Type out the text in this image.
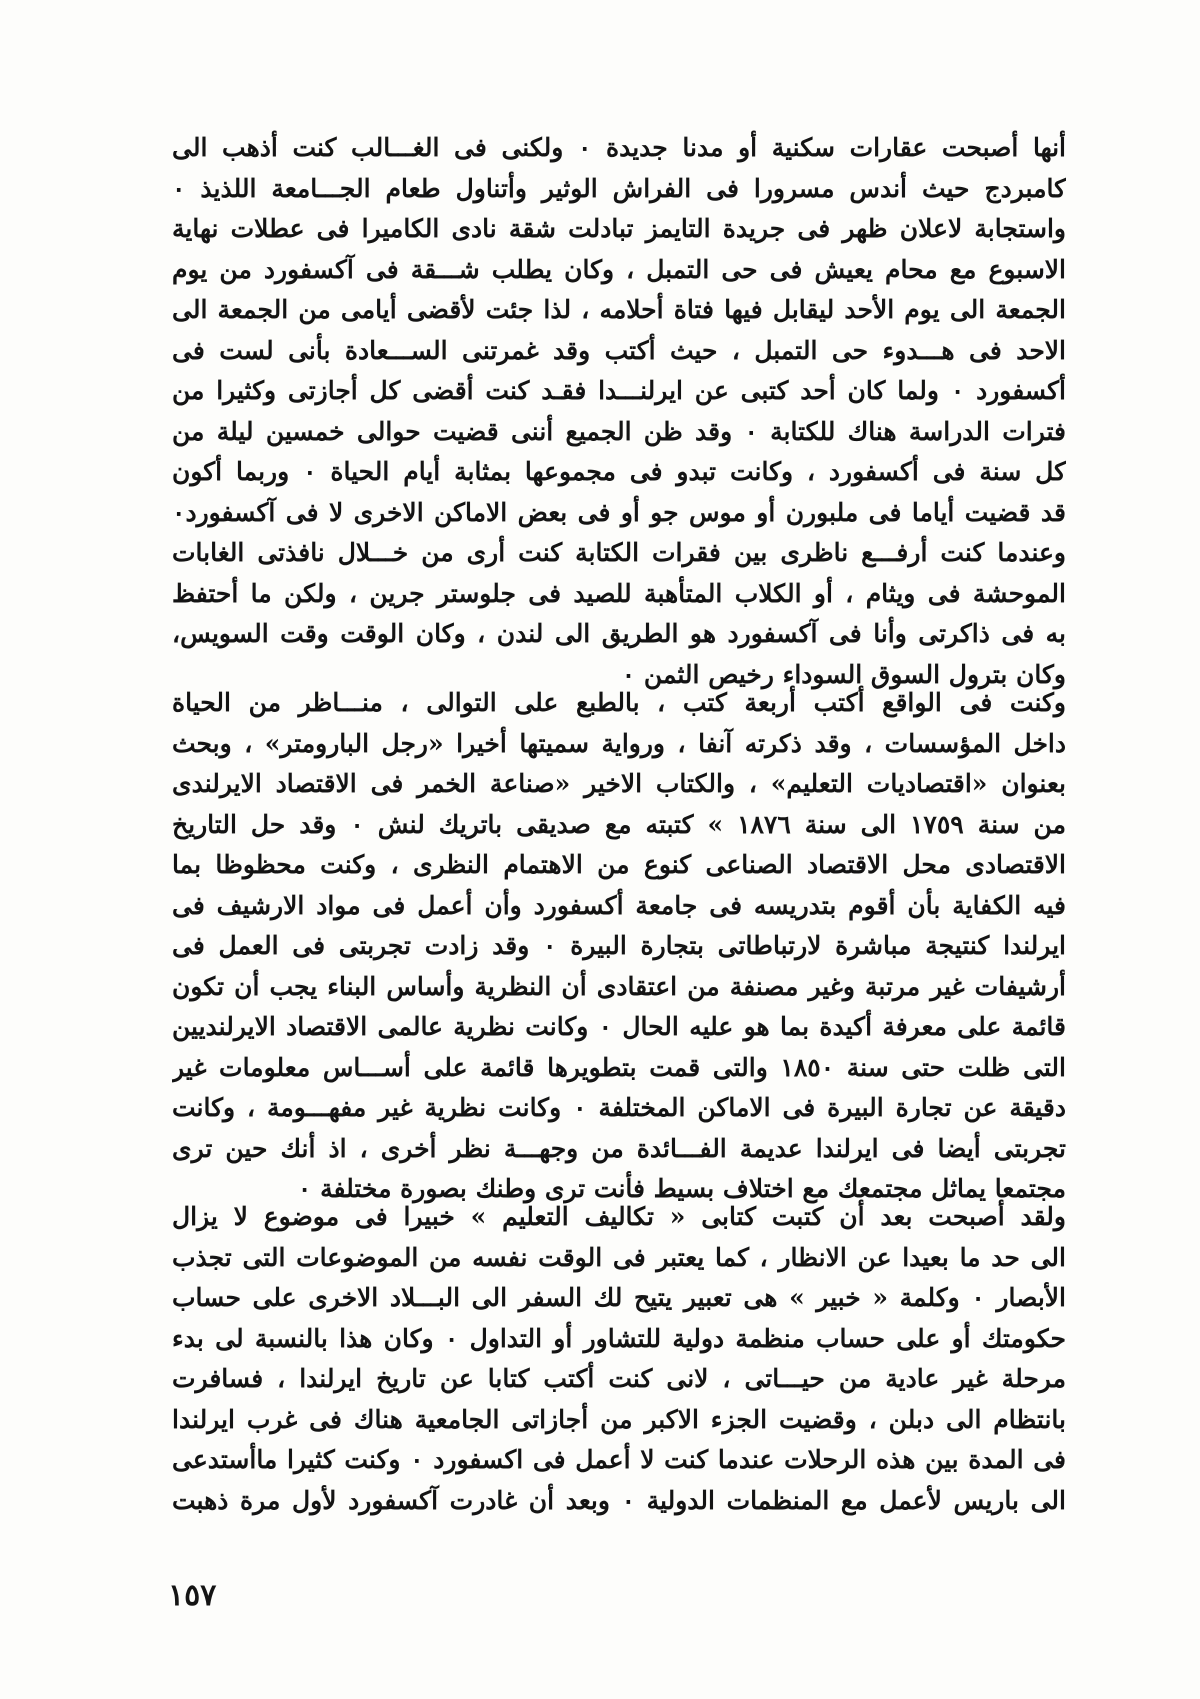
أنها أصبحت عقارات سكنية أو مدنا جديدة ٠ ولكنى فى الغـــالب كنت أذهب الى
كامبردج حيث أندس مسرورا فى الفراش الوثير وأتناول طعام الجـــامعة اللذيذ ٠
واستجابة لاعلان ظهر فى جريدة التايمز تبادلت شقة نادى الكاميرا فى عطلات نهاية
الاسبوع مع محام يعيش فى حى التمبل ، وكان يطلب شـــقة فى آكسفورد من يوم
الجمعة الى يوم الأحد ليقابل فيها فتاة أحلامه ، لذا جئت لأقضى أيامى من الجمعة الى
الاحد فى هـــدوء حى التمبل ، حيث أكتب وقد غمرتنى الســـعادة بأنى لست فى
أكسفورد ٠ ولما كان أحد كتبى عن ايرلنـــدا فقـد كنت أقضى كل أجازتى وكثيرا من
فترات الدراسة هناك للكتابة ٠ وقد ظن الجميع أننى قضيت حوالى خمسين ليلة من
كل سنة فى أكسفورد ، وكانت تبدو فى مجموعها بمثابة أيام الحياة ٠ وربما أكون
قد قضيت أياما فى ملبورن أو موس جو أو فى بعض الاماكن الاخرى لا فى آكسفورد٠
وعندما كنت أرفـــع ناظرى بين فقرات الكتابة كنت أرى من خـــلال نافذتى الغابات
الموحشة فى ويثام ، أو الكلاب المتأهبة للصيد فى جلوستر جرين ، ولكن ما أحتفظ
به فى ذاكرتى وأنا فى آكسفورد هو الطريق الى لندن ، وكان الوقت وقت السويس،
وكان بترول السوق السوداء رخيص الثمن ٠

وكنت فى الواقع أكتب أربعة كتب ، بالطبع على التوالى ، منـــاظر من الحياة
داخل المؤسسات ، وقد ذكرته آنفا ، ورواية سميتها أخيرا «رجل البارومتر» ، وبحث
بعنوان «اقتصاديات التعليم» ، والكتاب الاخير «صناعة الخمر فى الاقتصاد الايرلندى
من سنة ١٧٥٩ الى سنة ١٨٧٦ » كتبته مع صديقى باتريك لنش ٠ وقد حل التاريخ
الاقتصادى محل الاقتصاد الصناعى كنوع من الاهتمام النظرى ، وكنت محظوظا بما
فيه الكفاية بأن أقوم بتدريسه فى جامعة أكسفورد وأن أعمل فى مواد الارشيف فى
ايرلندا كنتيجة مباشرة لارتباطاتى بتجارة البيرة ٠ وقد زادت تجربتى فى العمل فى
أرشيفات غير مرتبة وغير مصنفة من اعتقادى أن النظرية وأساس البناء يجب أن تكون
قائمة على معرفة أكيدة بما هو عليه الحال ٠ وكانت نظرية عالمى الاقتصاد الايرلنديين
التى ظلت حتى سنة ١٨٥٠ والتى قمت بتطويرها قائمة على أســـاس معلومات غير
دقيقة عن تجارة البيرة فى الاماكن المختلفة ٠ وكانت نظرية غير مفهـــومة ، وكانت
تجربتى أيضا فى ايرلندا عديمة الفـــائدة من وجهـــة نظر أخرى ، اذ أنك حين ترى
مجتمعا يماثل مجتمعك مع اختلاف بسيط فأنت ترى وطنك بصورة مختلفة ٠

ولقد أصبحت بعد أن كتبت كتابى « تكاليف التعليم » خبيرا فى موضوع لا يزال
الى حد ما بعيدا عن الانظار ، كما يعتبر فى الوقت نفسه من الموضوعات التى تجذب
الأبصار ٠ وكلمة « خبير » هى تعبير يتيح لك السفر الى البـــلاد الاخرى على حساب
حكومتك أو على حساب منظمة دولية للتشاور أو التداول ٠ وكان هذا بالنسبة لى بدء
مرحلة غير عادية من حيـــاتى ، لانى كنت أكتب كتابا عن تاريخ ايرلندا ، فسافرت
بانتظام الى دبلن ، وقضيت الجزء الاكبر من أجازاتى الجامعية هناك فى غرب ايرلندا
فى المدة بين هذه الرحلات عندما كنت لا أعمل فى اكسفورد ٠ وكنت كثيرا ماأستدعى
الى باريس لأعمل مع المنظمات الدولية ٠ وبعد أن غادرت آكسفورد لأول مرة ذهبت

١٥٧
